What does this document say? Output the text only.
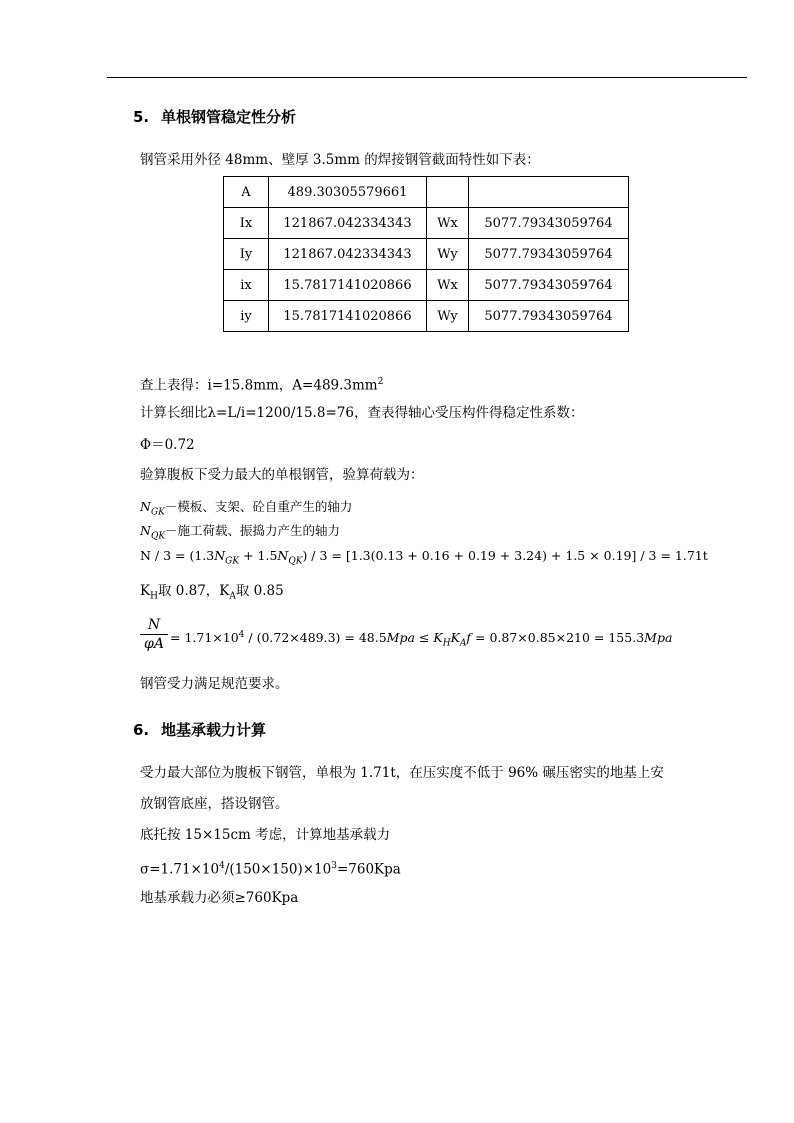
5. 单根钢管稳定性分析
钢管采用外径 48mm、壁厚 3.5mm 的焊接钢管截面特性如下表：
A	489.30305579661		
Ix	121867.042334343	Wx	5077.79343059764
Iy	121867.042334343	Wy	5077.79343059764
ix	15.7817141020866	Wx	5077.79343059764
iy	15.7817141020866	Wy	5077.79343059764
查上表得：i=15.8mm，$A=489.3mm^2$
计算长细比λ=L/i=1200/15.8=76，查表得轴心受压构件得稳定性系数：
Φ＝0.72
验算腹板下受力最大的单根钢管，验算荷载为：
$N_{GK}-$模板、支架、砼自重产生的轴力
$N_{QK}-$施工荷载、振捣力产生的轴力
$N / 3 = (1.3N_{GK} + 1.5N_{QK}) / 3 = [1.3(0.13 + 0.16 + 0.19 + 3.24) + 1.5 \times 0.19] / 3 = 1.71t$
$K_H$取 0.87，$K_A$取 0.85
$\frac{N}{\varphi A} = 1.71\times 10^4 / (0.72\times 489.3) = 48.5Mpa \le K_HK_Af = 0.87\times 0.85\times 210 = 155.3Mpa$
钢管受力满足规范要求。
6. 地基承载力计算
受力最大部位为腹板下钢管，单根为 1.71t，在压实度不低于 96% 碾压密实的地基上安
放钢管底座，搭设钢管。
底托按 15×15cm 考虑，计算地基承载力
$\sigma=1.71\times 10^4/(150\times 150)\times 10^3=760Kpa$
地基承载力必须≥760Kpa
